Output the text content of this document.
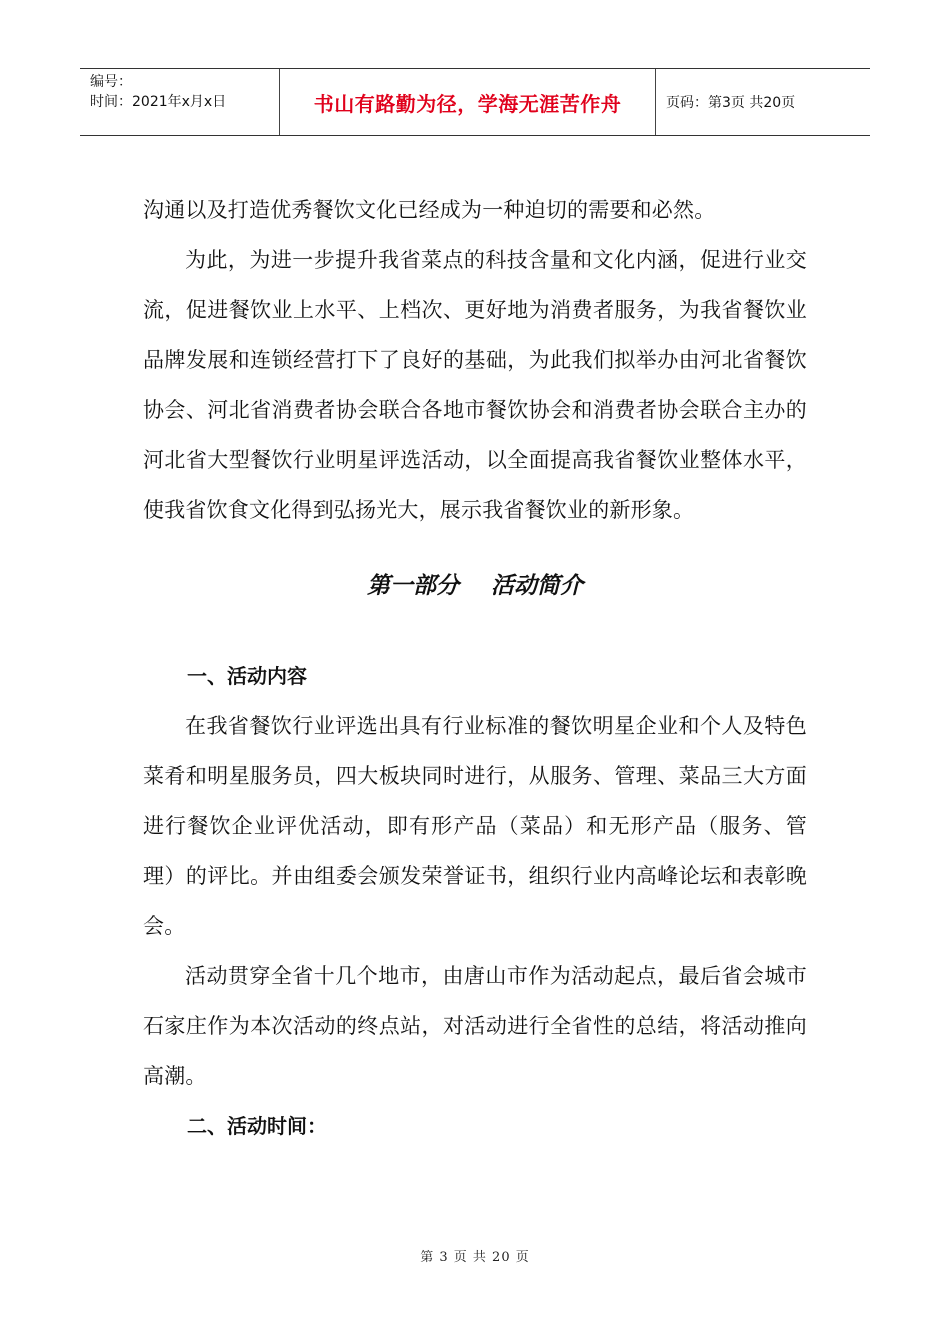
编号：
时间：2021年x月x日	书山有路勤为径，学海无涯苦作舟	页码：第3页 共20页

沟通以及打造优秀餐饮文化已经成为一种迫切的需要和必然。

为此，为进一步提升我省菜点的科技含量和文化内涵，促进行业交流，促进餐饮业上水平、上档次、更好地为消费者服务，为我省餐饮业品牌发展和连锁经营打下了良好的基础，为此我们拟举办由河北省餐饮协会、河北省消费者协会联合各地市餐饮协会和消费者协会联合主办的河北省大型餐饮行业明星评选活动，以全面提高我省餐饮业整体水平， 使我省饮食文化得到弘扬光大，展示我省餐饮业的新形象。

第一部分    活动简介

一、活动内容

在我省餐饮行业评选出具有行业标准的餐饮明星企业和个人及特色菜肴和明星服务员，四大板块同时进行，从服务、管理、菜品三大方面进行餐饮企业评优活动，即有形产品（菜品）和无形产品（服务、管理）的评比。并由组委会颁发荣誉证书，组织行业内高峰论坛和表彰晚会。

活动贯穿全省十几个地市，由唐山市作为活动起点，最后省会城市石家庄作为本次活动的终点站，对活动进行全省性的总结，将活动推向高潮。

二、活动时间：

第 3 页 共 20 页
